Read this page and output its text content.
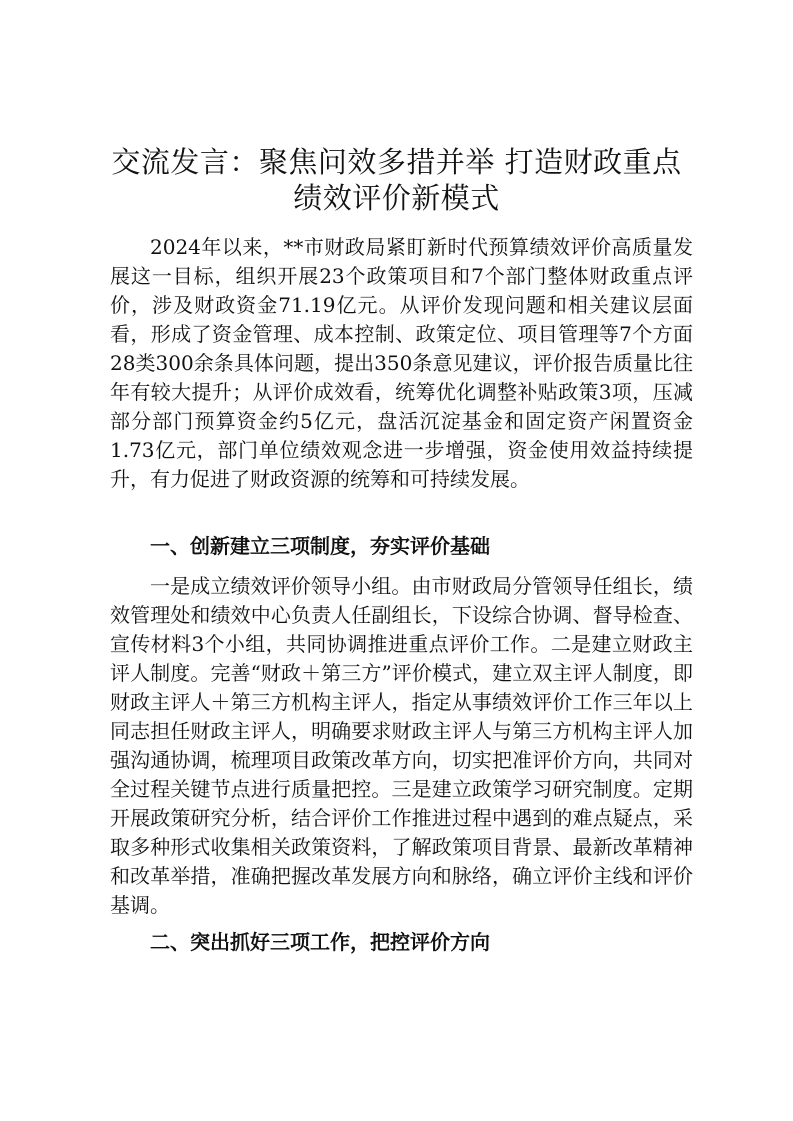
交流发言：聚焦问效多措并举 打造财政重点
绩效评价新模式

2024年以来，**市财政局紧盯新时代预算绩效评价高质量发展这一目标，组织开展23个政策项目和7个部门整体财政重点评价，涉及财政资金71.19亿元。从评价发现问题和相关建议层面看，形成了资金管理、成本控制、政策定位、项目管理等7个方面28类300余条具体问题，提出350条意见建议，评价报告质量比往年有较大提升；从评价成效看，统筹优化调整补贴政策3项，压减部分部门预算资金约5亿元，盘活沉淀基金和固定资产闲置资金1.73亿元，部门单位绩效观念进一步增强，资金使用效益持续提升，有力促进了财政资源的统筹和可持续发展。

一、创新建立三项制度，夯实评价基础

一是成立绩效评价领导小组。由市财政局分管领导任组长，绩效管理处和绩效中心负责人任副组长，下设综合协调、督导检查、宣传材料3个小组，共同协调推进重点评价工作。二是建立财政主评人制度。完善“财政＋第三方”评价模式，建立双主评人制度，即财政主评人＋第三方机构主评人，指定从事绩效评价工作三年以上同志担任财政主评人，明确要求财政主评人与第三方机构主评人加强沟通协调，梳理项目政策改革方向，切实把准评价方向，共同对全过程关键节点进行质量把控。三是建立政策学习研究制度。定期开展政策研究分析，结合评价工作推进过程中遇到的难点疑点，采取多种形式收集相关政策资料，了解政策项目背景、最新改革精神和改革举措，准确把握改革发展方向和脉络，确立评价主线和评价基调。

二、突出抓好三项工作，把控评价方向
